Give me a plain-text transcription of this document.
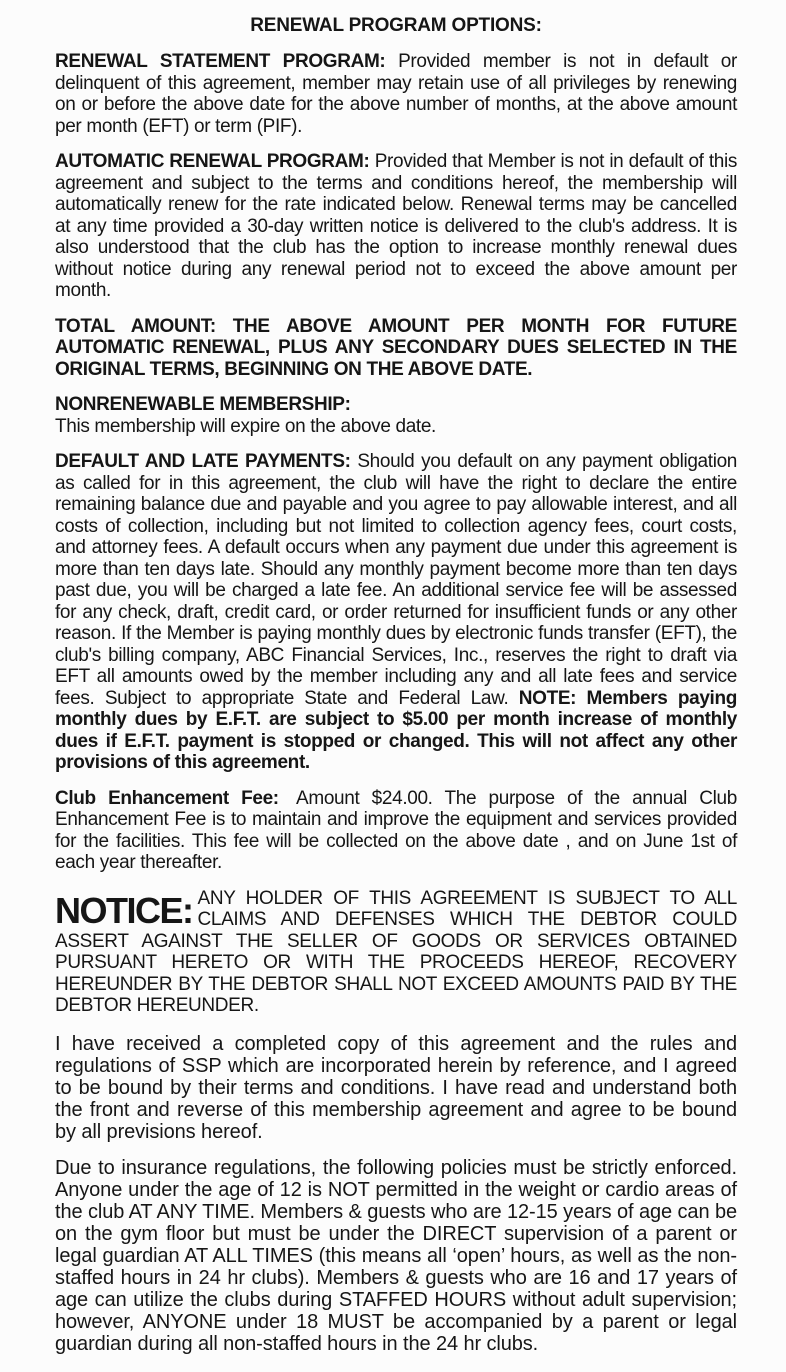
RENEWAL PROGRAM OPTIONS:

RENEWAL STATEMENT PROGRAM: Provided member is not in default or delinquent of this agreement, member may retain use of all privileges by renewing on or before the above date for the above number of months, at the above amount per month (EFT) or term (PIF).

AUTOMATIC RENEWAL PROGRAM: Provided that Member is not in default of this agreement and subject to the terms and conditions hereof, the membership will automatically renew for the rate indicated below. Renewal terms may be cancelled at any time provided a 30-day written notice is delivered to the club's address. It is also understood that the club has the option to increase monthly renewal dues without notice during any renewal period not to exceed the above amount per month.

TOTAL AMOUNT: THE ABOVE AMOUNT PER MONTH FOR FUTURE AUTOMATIC RENEWAL, PLUS ANY SECONDARY DUES SELECTED IN THE ORIGINAL TERMS, BEGINNING ON THE ABOVE DATE.

NONRENEWABLE MEMBERSHIP:
This membership will expire on the above date.

DEFAULT AND LATE PAYMENTS: Should you default on any payment obligation as called for in this agreement, the club will have the right to declare the entire remaining balance due and payable and you agree to pay allowable interest, and all costs of collection, including but not limited to collection agency fees, court costs, and attorney fees. A default occurs when any payment due under this agreement is more than ten days late. Should any monthly payment become more than ten days past due, you will be charged a late fee. An additional service fee will be assessed for any check, draft, credit card, or order returned for insufficient funds or any other reason. If the Member is paying monthly dues by electronic funds transfer (EFT), the club's billing company, ABC Financial Services, Inc., reserves the right to draft via EFT all amounts owed by the member including any and all late fees and service fees. Subject to appropriate State and Federal Law. NOTE: Members paying monthly dues by E.F.T. are subject to $5.00 per month increase of monthly dues if E.F.T. payment is stopped or changed. This will not affect any other provisions of this agreement.

Club Enhancement Fee: Amount $24.00. The purpose of the annual Club Enhancement Fee is to maintain and improve the equipment and services provided for the facilities. This fee will be collected on the above date , and on June 1st of each year thereafter.

NOTICE: ANY HOLDER OF THIS AGREEMENT IS SUBJECT TO ALL CLAIMS AND DEFENSES WHICH THE DEBTOR COULD ASSERT AGAINST THE SELLER OF GOODS OR SERVICES OBTAINED PURSUANT HERETO OR WITH THE PROCEEDS HEREOF, RECOVERY HEREUNDER BY THE DEBTOR SHALL NOT EXCEED AMOUNTS PAID BY THE DEBTOR HEREUNDER.

I have received a completed copy of this agreement and the rules and regulations of SSP which are incorporated herein by reference, and I agreed to be bound by their terms and conditions. I have read and understand both the front and reverse of this membership agreement and agree to be bound by all previsions hereof.

Due to insurance regulations, the following policies must be strictly enforced. Anyone under the age of 12 is NOT permitted in the weight or cardio areas of the club AT ANY TIME. Members & guests who are 12-15 years of age can be on the gym floor but must be under the DIRECT supervision of a parent or legal guardian AT ALL TIMES (this means all ‘open’ hours, as well as the non-staffed hours in 24 hr clubs). Members & guests who are 16 and 17 years of age can utilize the clubs during STAFFED HOURS without adult supervision; however, ANYONE under 18 MUST be accompanied by a parent or legal guardian during all non-staffed hours in the 24 hr clubs.
